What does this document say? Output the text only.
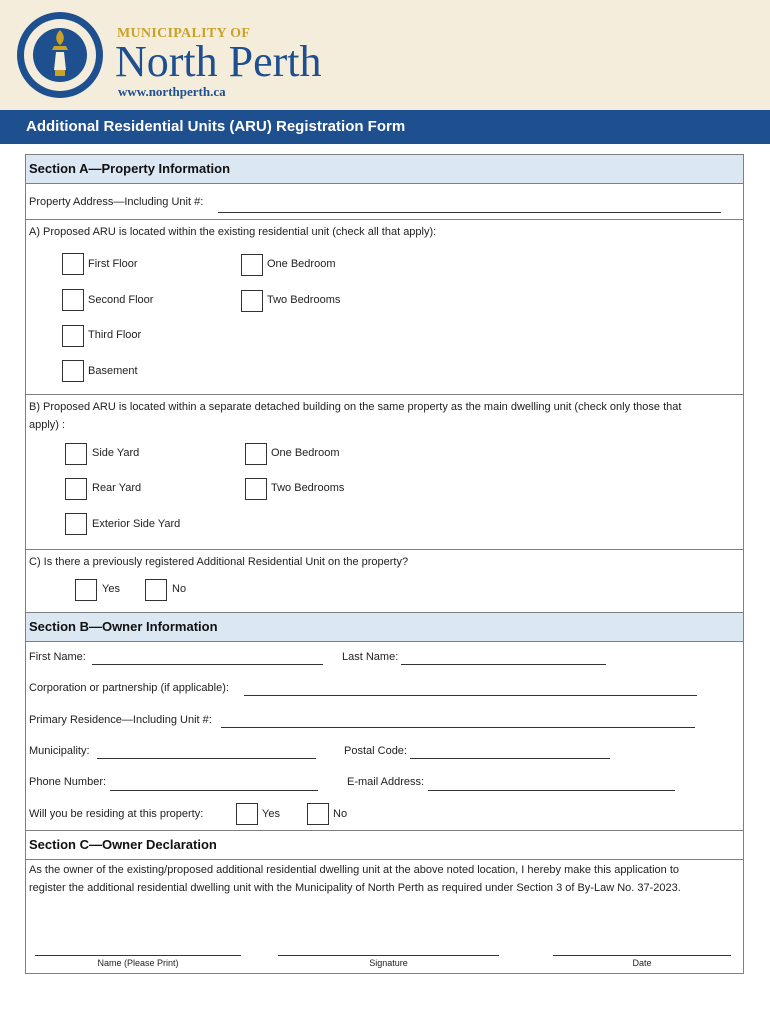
MUNICIPALITY OF
North Perth
www.northperth.ca
Additional Residential Units (ARU) Registration Form
Section A—Property Information
Property Address—Including Unit #:
A) Proposed ARU is located within the existing residential unit (check all that apply):
First Floor
Second Floor
Third Floor
Basement
One Bedroom
Two Bedrooms
B) Proposed ARU is located within a separate detached building on the same property as the main dwelling unit (check only those that
apply) :
Side Yard
Rear Yard
Exterior Side Yard
One Bedroom
Two Bedrooms
C) Is there a previously registered Additional Residential Unit on the property?
Yes	No
Section B—Owner Information
First Name:	Last Name:
Corporation or partnership (if applicable):
Primary Residence—Including Unit #:
Municipality:	Postal Code:
Phone Number:	E-mail Address:
Will you be residing at this property:	Yes	No
Section C—Owner Declaration
As the owner of the existing/proposed additional residential dwelling unit at the above noted location, I hereby make this application to
register the additional residential dwelling unit with the Municipality of North Perth as required under Section 3 of By-Law No. 37-2023.
Name (Please Print)	Signature	Date
